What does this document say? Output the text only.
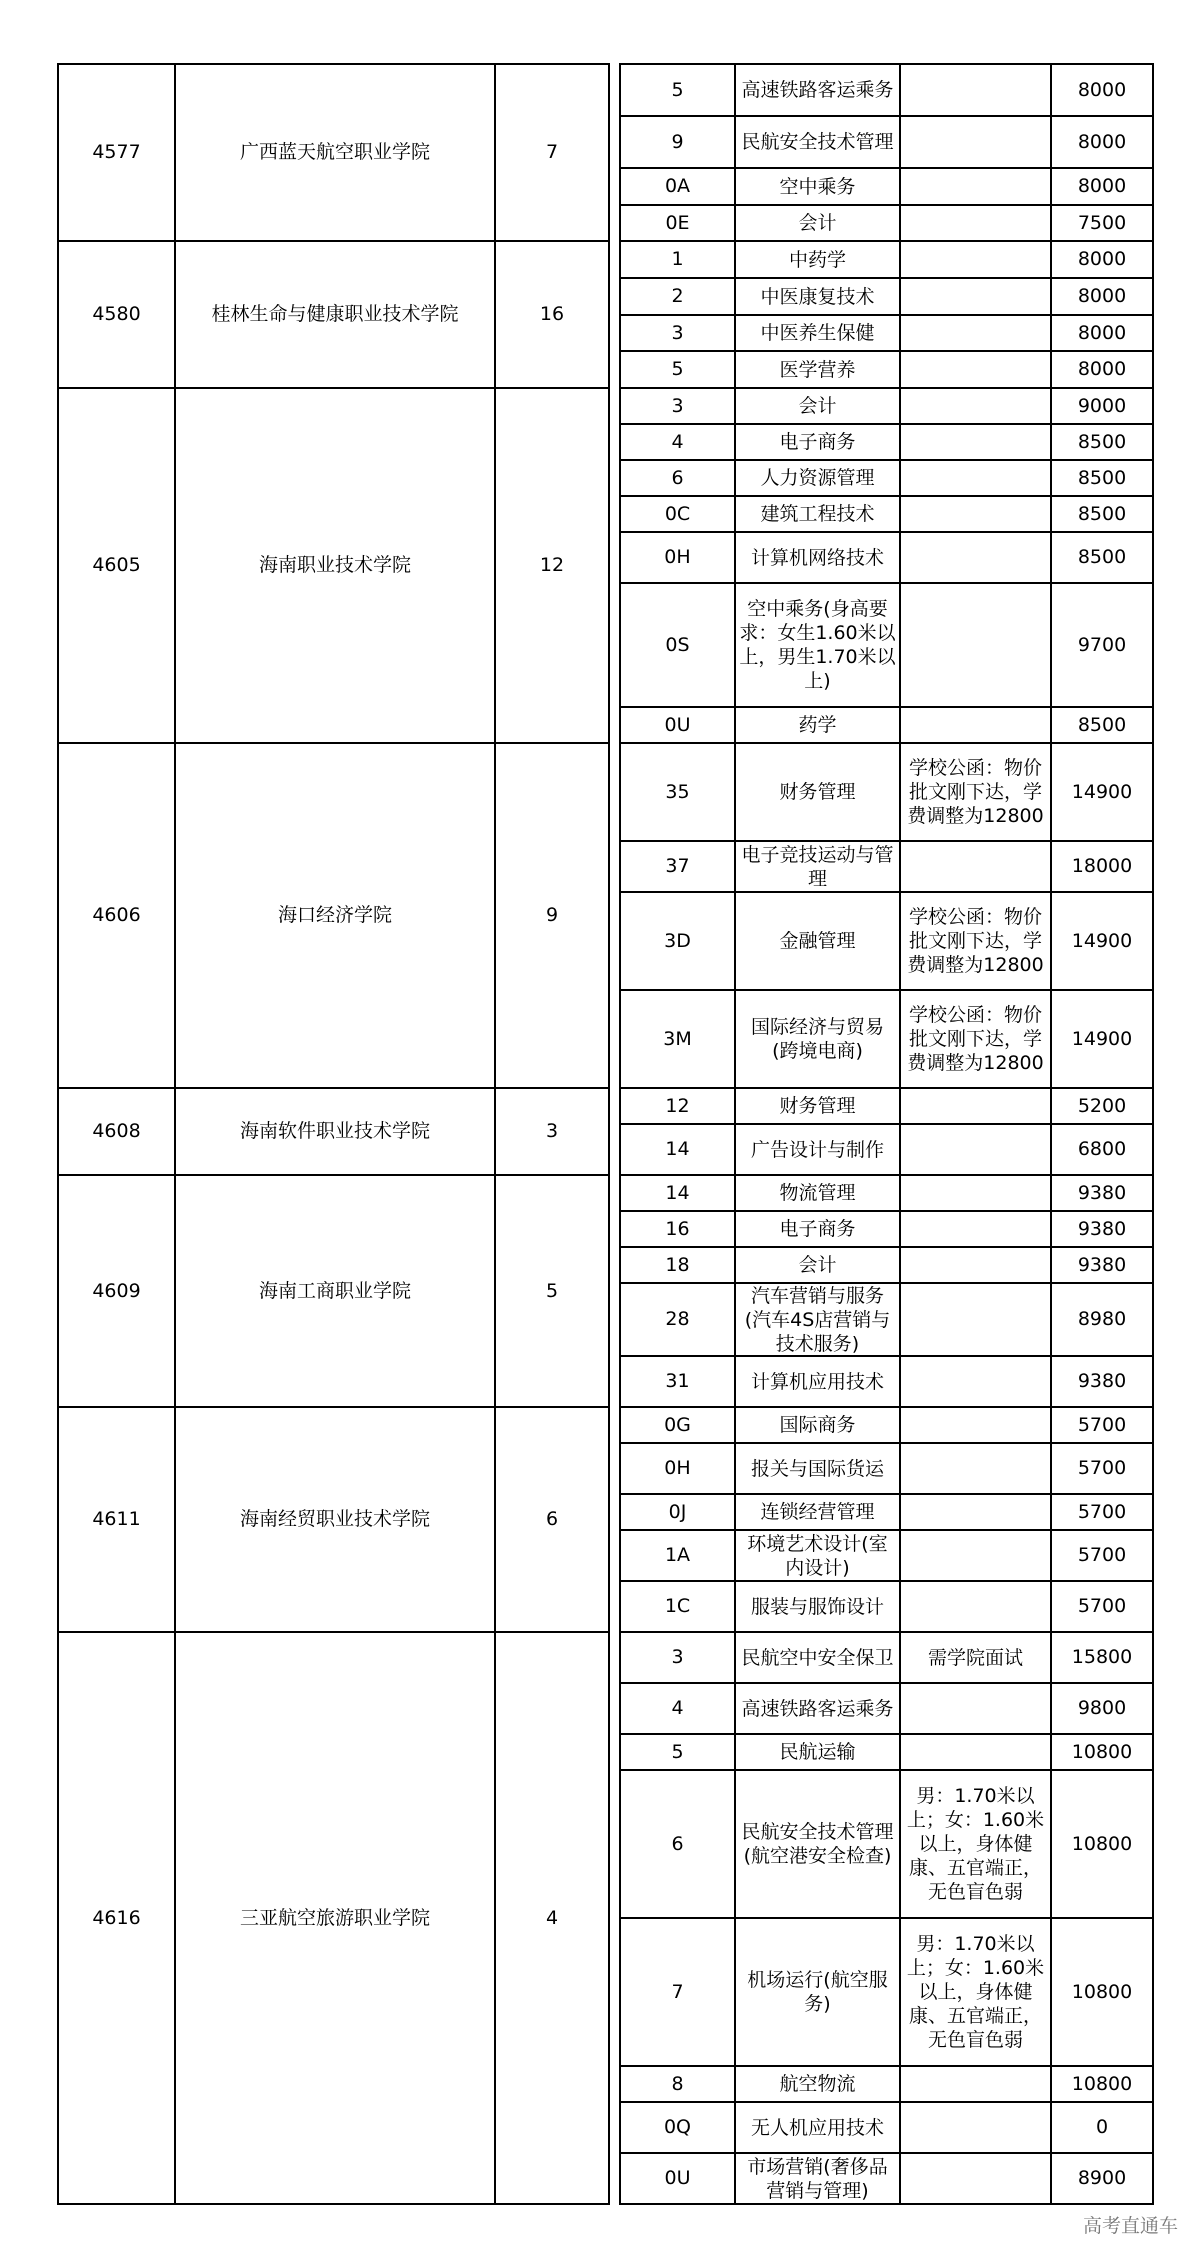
4577	广西蓝天航空职业学院	7		5	高速铁路客运乘务		8000

9	民航安全技术管理		8000

0A	空中乘务		8000

0E	会计		7500

4580	桂林生命与健康职业技术学院	16		1	中药学		8000

2	中医康复技术		8000

3	中医养生保健		8000

5	医学营养		8000

4605	海南职业技术学院	12		3	会计		9000

4	电子商务		8500

6	人力资源管理		8500

0C	建筑工程技术		8500

0H	计算机网络技术		8500

0S	空中乘务(身高要求：女生1.60米以上，男生1.70米以上)		9700

0U	药学		8500

4606	海口经济学院	9		35	财务管理	学校公函：物价批文刚下达，学费调整为12800	14900

37	电子竞技运动与管理		18000

3D	金融管理	学校公函：物价批文刚下达，学费调整为12800	14900

3M	国际经济与贸易(跨境电商)	学校公函：物价批文刚下达，学费调整为12800	14900

4608	海南软件职业技术学院	3		12	财务管理		5200

14	广告设计与制作		6800

4609	海南工商职业学院	5		14	物流管理		9380

16	电子商务		9380

18	会计		9380

28	汽车营销与服务(汽车4S店营销与技术服务)		8980

31	计算机应用技术		9380

4611	海南经贸职业技术学院	6		0G	国际商务		5700

0H	报关与国际货运		5700

0J	连锁经营管理		5700

1A	环境艺术设计(室内设计)		5700

1C	服装与服饰设计		5700

4616	三亚航空旅游职业学院	4		3	民航空中安全保卫	需学院面试	15800

4	高速铁路客运乘务		9800

5	民航运输		10800

6	民航安全技术管理(航空港安全检查)	男：1.70米以上；女：1.60米以上，身体健康、五官端正，无色盲色弱	10800

7	机场运行(航空服务)	男：1.70米以上；女：1.60米以上，身体健康、五官端正，无色盲色弱	10800

8	航空物流		10800

0Q	无人机应用技术		0

0U	市场营销(奢侈品营销与管理)		8900
高考直通车
